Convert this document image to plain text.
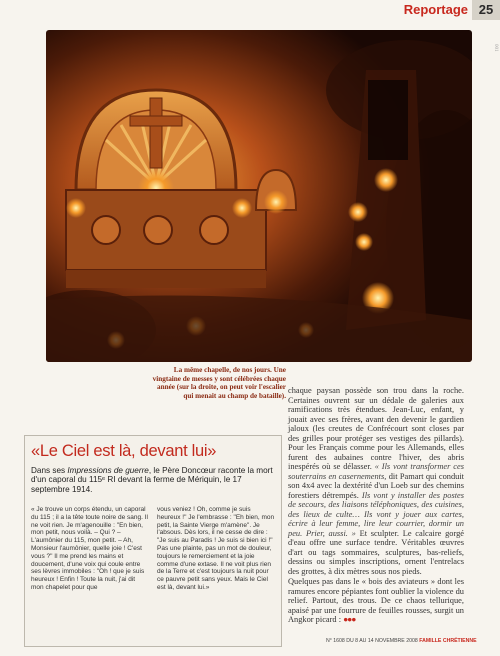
Reportage 25
001
La même chapelle, de nos jours. Une vingtaine de messes y sont célébrées chaque année (sur la droite, on peut voir l'escalier qui menait au champ de bataille).
«Le Ciel est là, devant lui»
Dans ses Impressions de guerre, le Père Doncœur raconte la mort d'un caporal du 115ᵉ RI devant la ferme de Mériquin, le 17 septembre 1914.
« Je trouve un corps étendu, un caporal du 115 ; il a la tête toute noire de sang. Il ne voit rien. Je m'agenouille : "En bien, mon petit, nous voilà. – Qui ? – L'aumônier du 115, mon petit. – Ah, Monsieur l'aumônier, quelle joie ! C'est vous ?" Il me prend les mains et doucement, d'une voix qui coule entre ses lèvres immobiles : "Oh ! que je suis heureux ! Enfin ! Toute la nuit, j'ai dit mon chapelet pour que
vous veniez ! Oh, comme je suis heureux !" Je l'embrasse : "Eh bien, mon petit, la Sainte Vierge m'amène". Je l'absous. Dès lors, il ne cesse de dire : "Je suis au Paradis ! Je suis si bien ici !" Pas une plainte, pas un mot de douleur, toujours le remerciement et la joie comme d'une extase. Il ne voit plus rien de la Terre et c'est toujours la nuit pour ce pauvre petit sans yeux. Mais le Ciel est là, devant lui.»

chaque paysan possède son trou dans la roche. Certaines ouvrent sur un dédale de galeries aux ramifications très étendues. Jean-Luc, enfant, y jouait avec ses frères, avant den devenir le gardien jaloux (les creutes de Confrécourt sont closes par des grilles pour protéger ses vestiges des pillards). Pour les Français comme pour les Allemands, elles furent des aubaines contre l'hiver, des abris inespérés où se délasser. « Ils vont transformer ces souterrains en casernements, dit Pamart qui conduit son 4x4 avec la dextérité d'un Loeb sur des chemins forestiers détrempés. Ils vont y installer des postes de secours, des liaisons téléphoniques, des cuisines, des lieux de culte… Ils vont y jouer aux cartes, écrire à leur femme, lire leur courrier, dormir un peu. Prier, aussi. » Et sculpter. Le calcaire gorgé d'eau offre une surface tendre. Véritables œuvres d'art ou tags sommaires, sculptures, bas-reliefs, dessins ou simples inscriptions, ornent l'entrelacs des grottes, à dix mètres sous nos pieds.

Quelques pas dans le « bois des aviateurs » dont les ramures encore pépiantes font oublier la violence du relief. Partout, des trous. De ce chaos tellurique, apaisé par une fourrure de feuilles rousses, surgit un Angkor picard : ●●●

N° 1608 DU 8 AU 14 NOVEMBRE 2008 FAMILLE CHRÉTIENNE
